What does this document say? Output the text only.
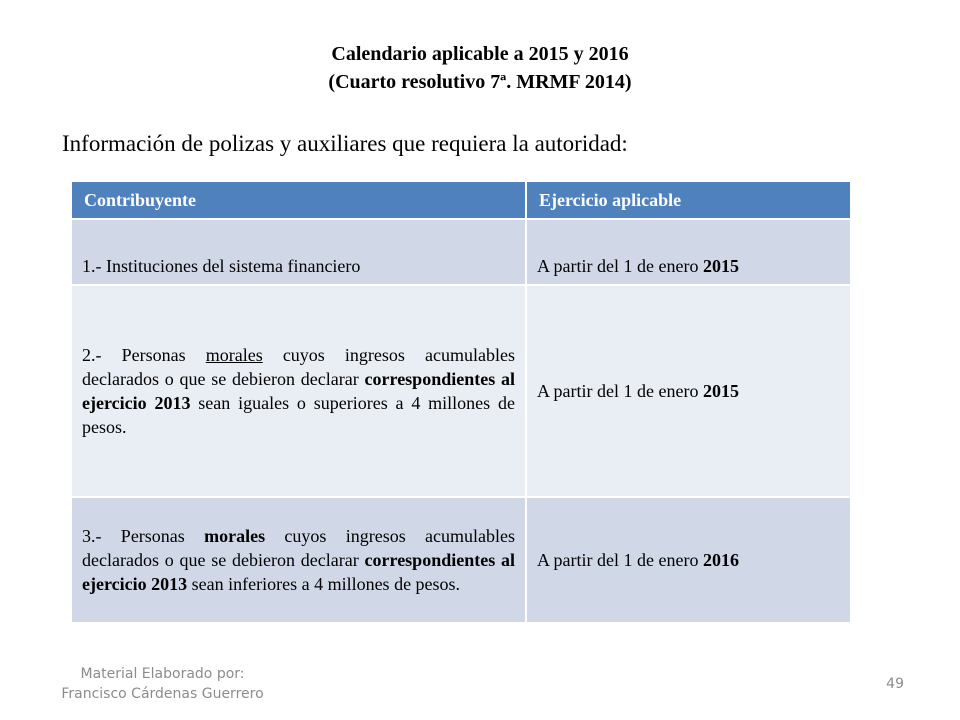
Calendario aplicable a 2015 y 2016
(Cuarto resolutivo 7ª. MRMF 2014)
Información de polizas y auxiliares que requiera la autoridad:
Contribuyente	Ejercicio aplicable
1.- Instituciones del sistema financiero	A partir del 1 de enero 2015
2.- Personas morales cuyos ingresos acumulables declarados o que se debieron declarar correspondientes al ejercicio 2013 sean iguales o superiores a 4 millones de pesos.	A partir del 1 de enero 2015
3.- Personas morales cuyos ingresos acumulables declarados o que se debieron declarar correspondientes al ejercicio 2013 sean inferiores a 4 millones de pesos.	A partir del 1 de enero 2016
Material Elaborado por:
Francisco Cárdenas Guerrero
49
